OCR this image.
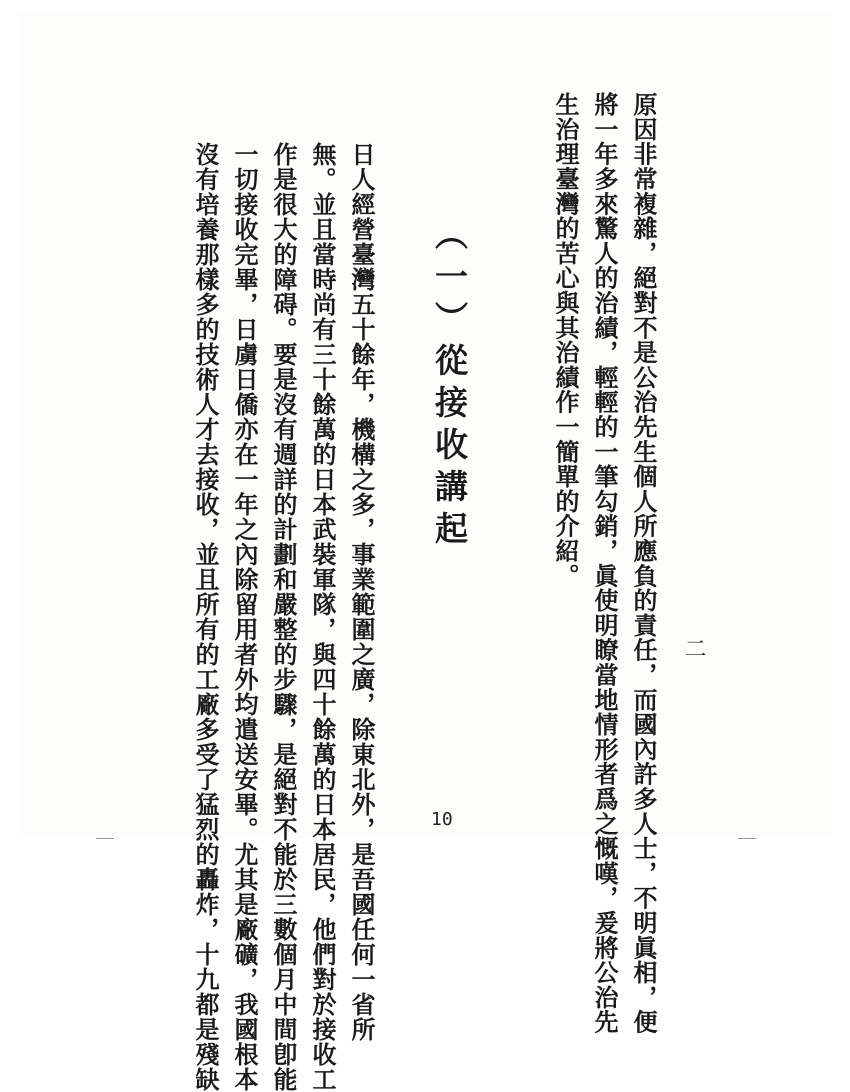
原因非常複雜，絕對不是公治先生個人所應負的責任，而國內許多人士，不明眞相，便
將一年多來驚人的治績，輕輕的一筆勾銷，眞使明瞭當地情形者爲之慨嘆，爰將公治先
生治理臺灣的苦心與其治績作一簡單的介紹。
二
（一）從接收講起
日人經營臺灣五十餘年，機構之多，事業範圍之廣，除東北外，是吾國任何一省所
無。並且當時尚有三十餘萬的日本武裝軍隊，與四十餘萬的日本居民，他們對於接收工
作是很大的障碍。要是沒有週詳的計劃和嚴整的步驟，是絕對不能於三數個月中間卽能
一切接收完畢，日虜日僑亦在一年之內除留用者外均遣送安畢。尤其是廠礦，我國根本
沒有培養那樣多的技術人才去接收，並且所有的工廠多受了猛烈的轟炸，十九都是殘缺	10
